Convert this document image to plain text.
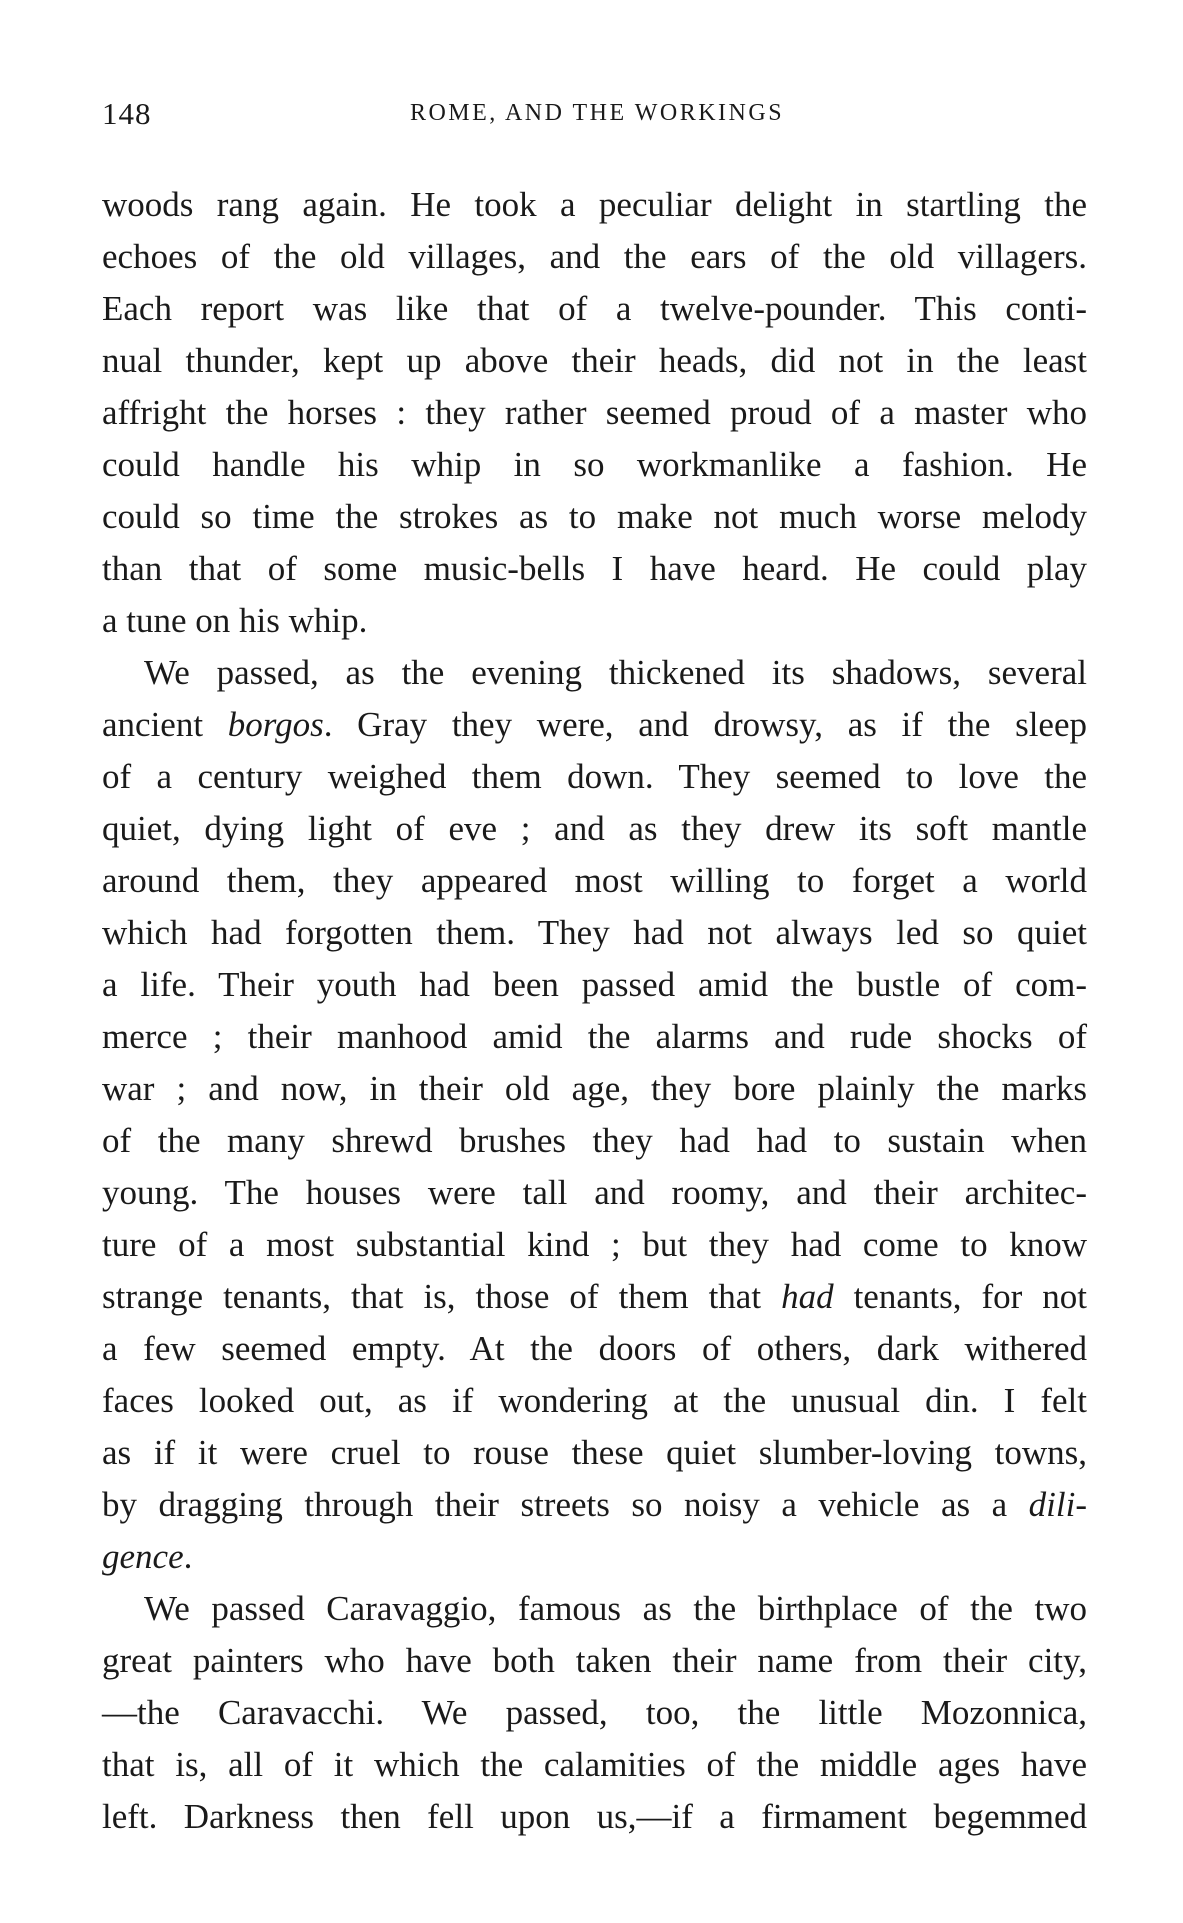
148	ROME, AND THE WORKINGS
woods rang again. He took a peculiar delight in startling the
echoes of the old villages, and the ears of the old villagers.
Each report was like that of a twelve-pounder. This conti-
nual thunder, kept up above their heads, did not in the least
affright the horses : they rather seemed proud of a master who
could handle his whip in so workmanlike a fashion. He
could so time the strokes as to make not much worse melody
than that of some music-bells I have heard. He could play
a tune on his whip.
We passed, as the evening thickened its shadows, several
ancient borgos. Gray they were, and drowsy, as if the sleep
of a century weighed them down. They seemed to love the
quiet, dying light of eve ; and as they drew its soft mantle
around them, they appeared most willing to forget a world
which had forgotten them. They had not always led so quiet
a life. Their youth had been passed amid the bustle of com-
merce ; their manhood amid the alarms and rude shocks of
war ; and now, in their old age, they bore plainly the marks
of the many shrewd brushes they had had to sustain when
young. The houses were tall and roomy, and their architec-
ture of a most substantial kind ; but they had come to know
strange tenants, that is, those of them that had tenants, for not
a few seemed empty. At the doors of others, dark withered
faces looked out, as if wondering at the unusual din. I felt
as if it were cruel to rouse these quiet slumber-loving towns,
by dragging through their streets so noisy a vehicle as a dili-
gence.
We passed Caravaggio, famous as the birthplace of the two
great painters who have both taken their name from their city,
—the Caravacchi. We passed, too, the little Mozonnica,
that is, all of it which the calamities of the middle ages have
left. Darkness then fell upon us,—if a firmament begemmed
